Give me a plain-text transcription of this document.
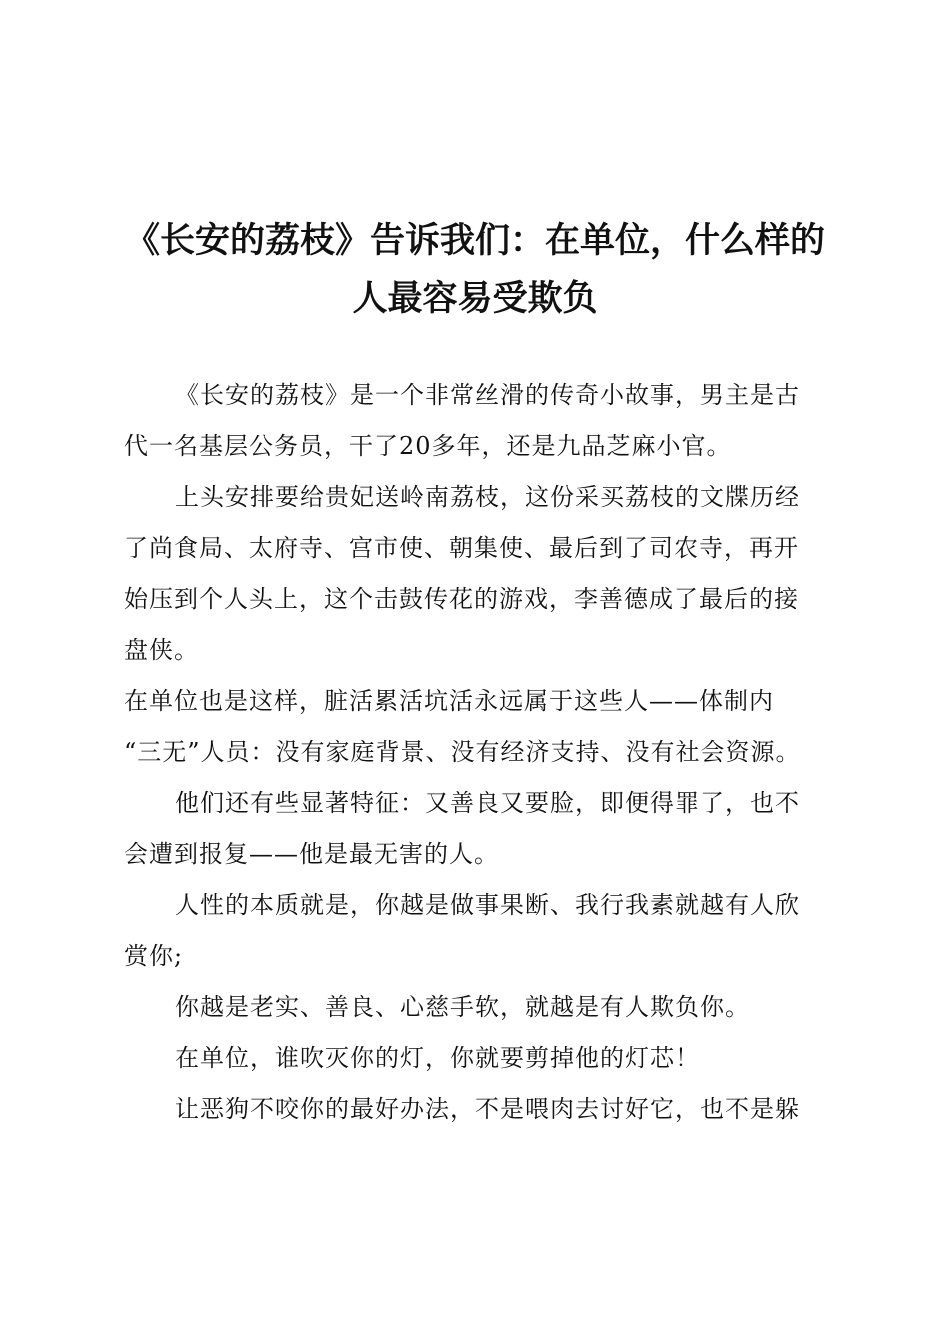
《长安的荔枝》告诉我们：在单位，什么样的
人最容易受欺负
《长安的荔枝》是一个非常丝滑的传奇小故事，男主是古
代一名基层公务员，干了20多年，还是九品芝麻小官。
上头安排要给贵妃送岭南荔枝，这份采买荔枝的文牒历经
了尚食局、太府寺、宫市使、朝集使、最后到了司农寺，再开
始压到个人头上，这个击鼓传花的游戏，李善德成了最后的接
盘侠。
在单位也是这样，脏活累活坑活永远属于这些人——体制内
“三无”人员：没有家庭背景、没有经济支持、没有社会资源。
他们还有些显著特征：又善良又要脸，即便得罪了，也不
会遭到报复——他是最无害的人。
人性的本质就是，你越是做事果断、我行我素就越有人欣
赏你;
你越是老实、善良、心慈手软，就越是有人欺负你。
在单位，谁吹灭你的灯，你就要剪掉他的灯芯！
让恶狗不咬你的最好办法，不是喂肉去讨好它，也不是躲
